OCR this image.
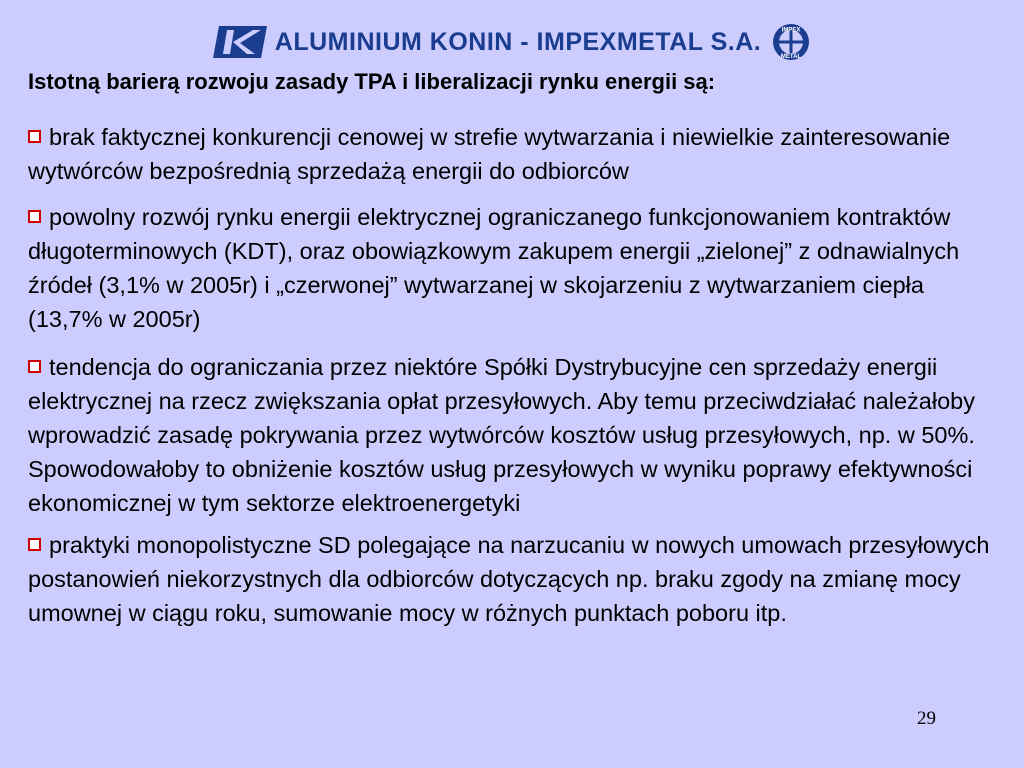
ALUMINIUM KONIN - IMPEXMETAL S.A.	IMPEX
METAL
Istotną barierą rozwoju zasady TPA i liberalizacji rynku energii są:
brak faktycznej konkurencji cenowej w strefie wytwarzania i niewielkie zainteresowanie wytwórców bezpośrednią sprzedażą energii do odbiorców
powolny rozwój rynku energii elektrycznej ograniczanego funkcjonowaniem kontraktów długoterminowych (KDT), oraz obowiązkowym zakupem energii „zielonej” z odnawialnych źródeł (3,1% w 2005r) i „czerwonej” wytwarzanej w skojarzeniu z wytwarzaniem ciepła (13,7% w 2005r)
tendencja do ograniczania przez niektóre Spółki Dystrybucyjne cen sprzedaży energii elektrycznej na rzecz zwiększania opłat przesyłowych. Aby temu przeciwdziałać należałoby wprowadzić zasadę pokrywania przez wytwórców kosztów usług przesyłowych, np. w 50%. Spowodowałoby to obniżenie kosztów usług przesyłowych w wyniku poprawy efektywności ekonomicznej w tym sektorze elektroenergetyki
praktyki monopolistyczne SD polegające na narzucaniu w nowych umowach przesyłowych postanowień niekorzystnych dla odbiorców dotyczących np. braku zgody na zmianę mocy umownej w ciągu roku, sumowanie mocy w różnych punktach poboru itp.
29
